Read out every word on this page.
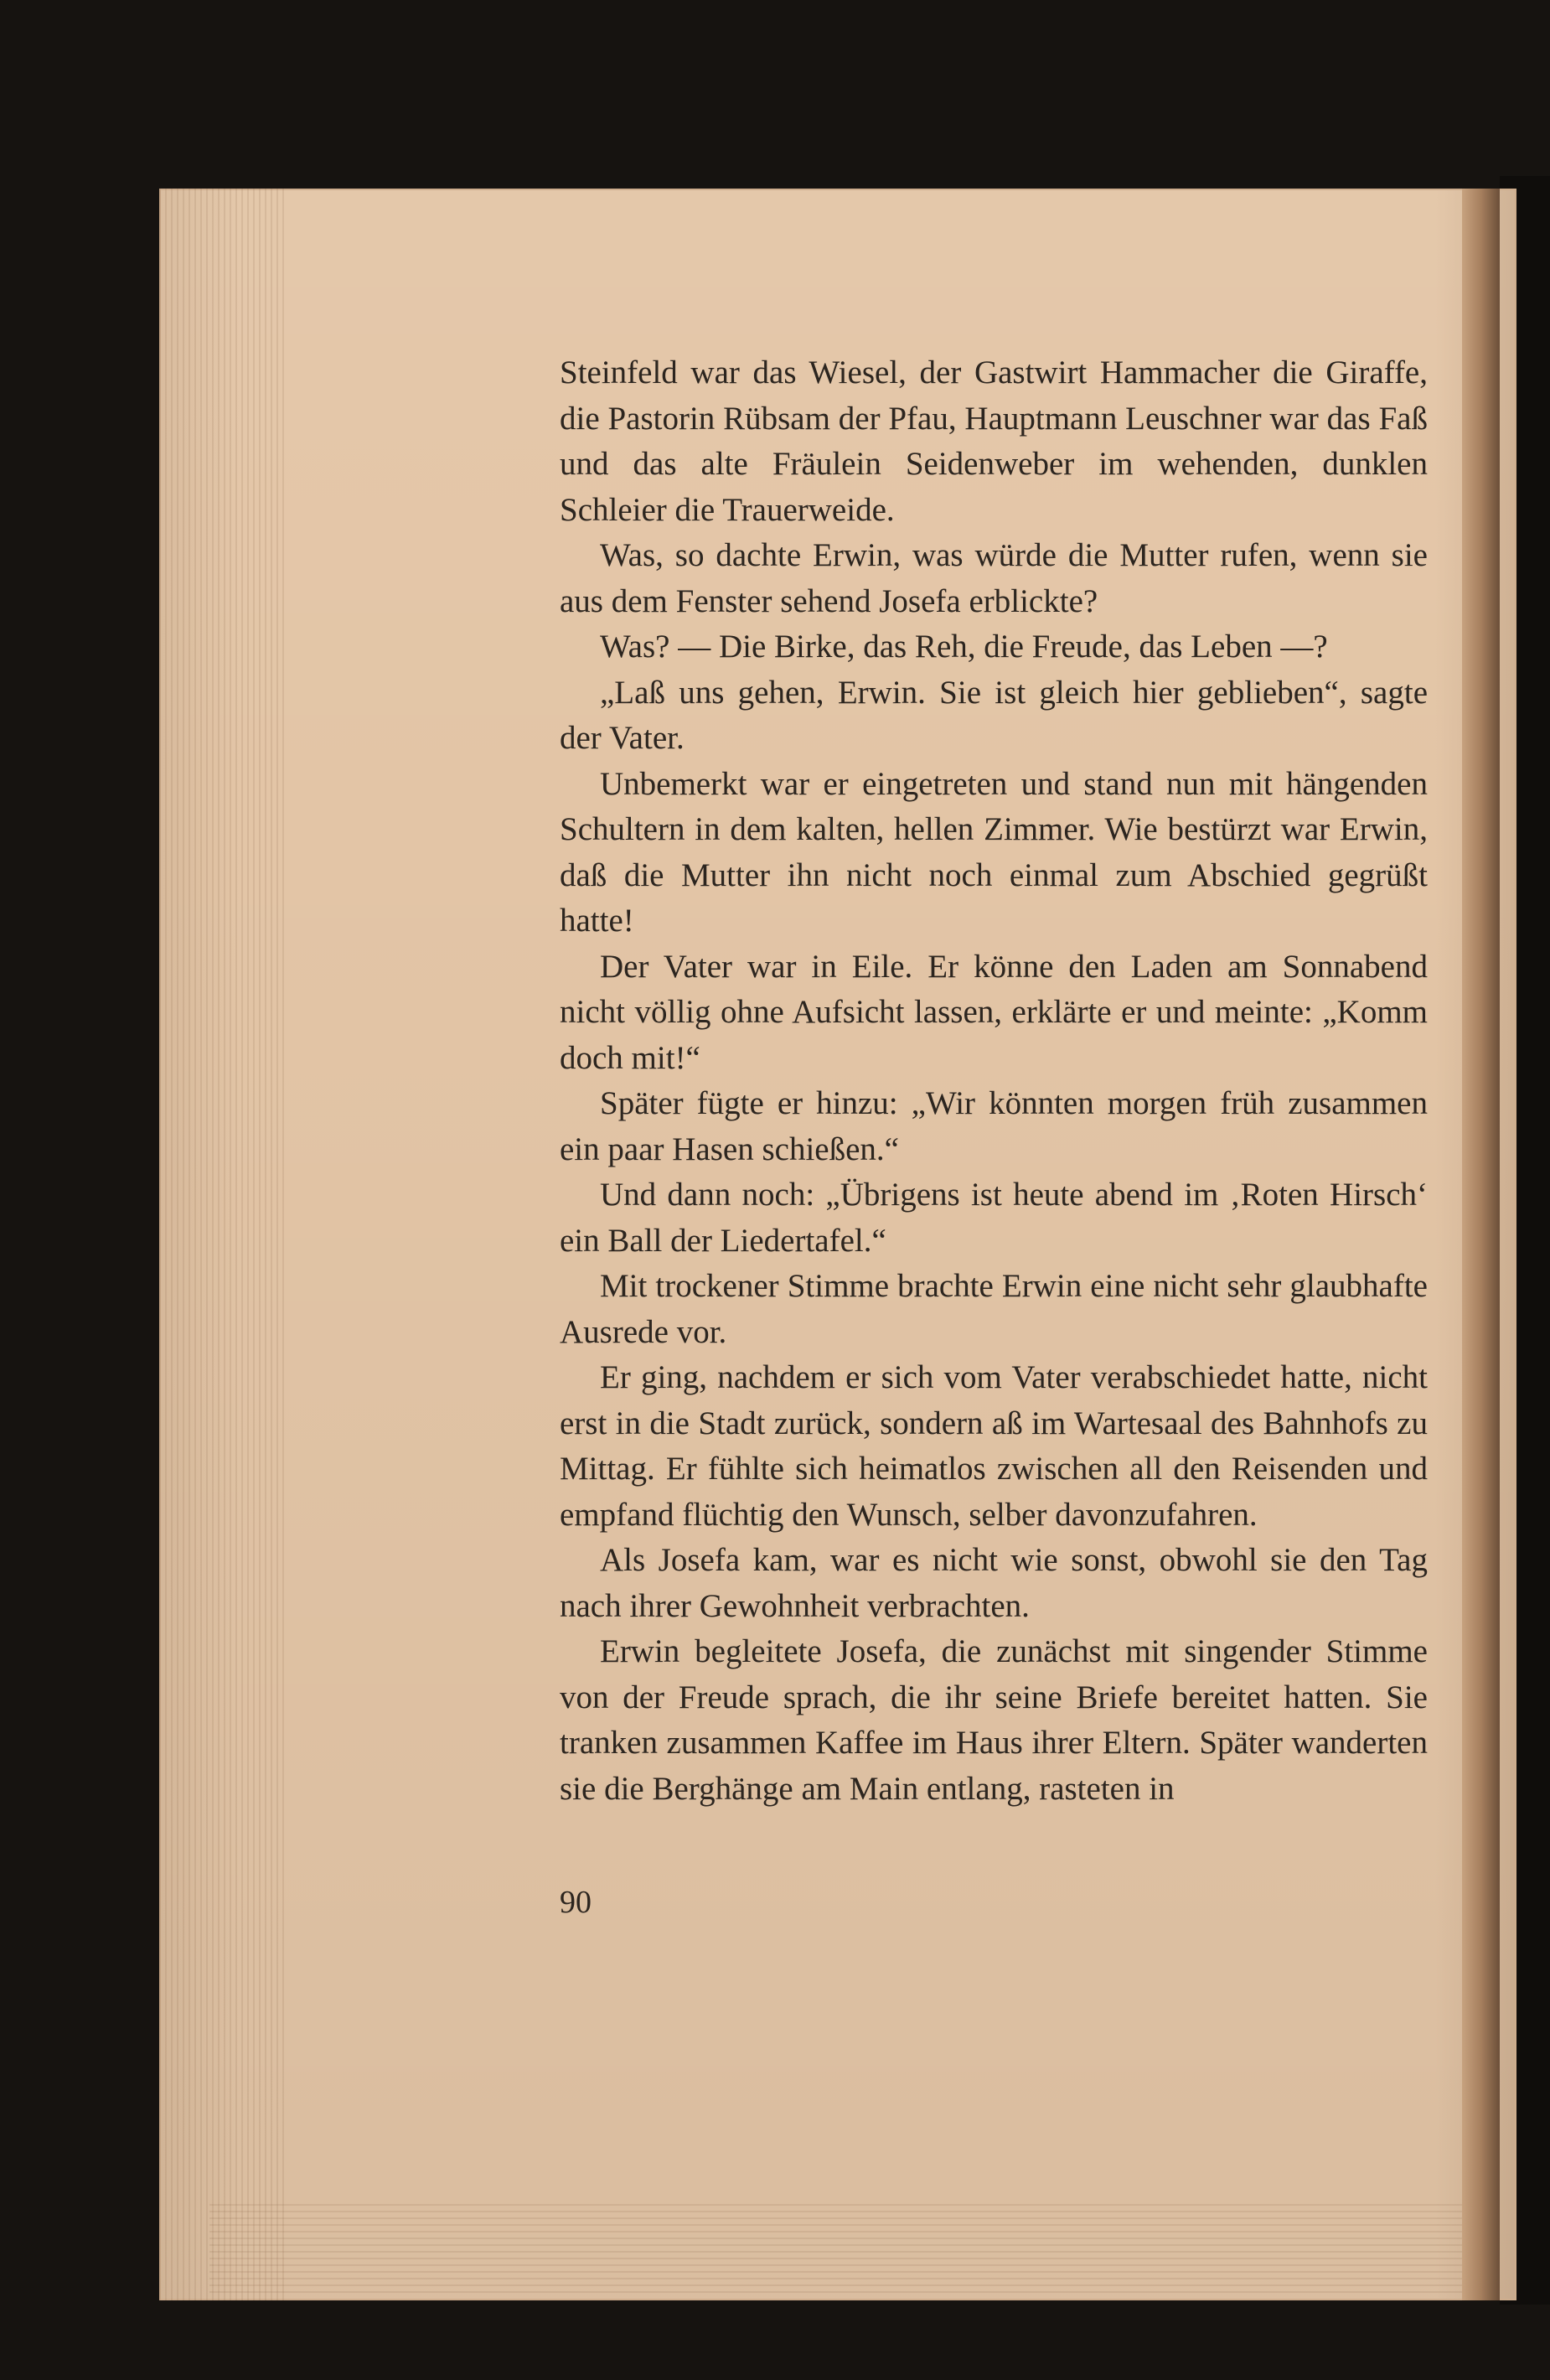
Steinfeld war das Wiesel, der Gastwirt Hammacher die Giraffe, die Pastorin Rübsam der Pfau, Hauptmann Leuschner war das Faß und das alte Fräulein Seidenweber im wehenden, dunklen Schleier die Trauerweide.

Was, so dachte Erwin, was würde die Mutter rufen, wenn sie aus dem Fenster sehend Josefa erblickte?

Was? — Die Birke, das Reh, die Freude, das Leben —?

„Laß uns gehen, Erwin. Sie ist gleich hier geblieben“, sagte der Vater.

Unbemerkt war er eingetreten und stand nun mit hängenden Schultern in dem kalten, hellen Zimmer. Wie bestürzt war Erwin, daß die Mutter ihn nicht noch einmal zum Abschied gegrüßt hatte!

Der Vater war in Eile. Er könne den Laden am Sonnabend nicht völlig ohne Aufsicht lassen, erklärte er und meinte: „Komm doch mit!“

Später fügte er hinzu: „Wir könnten morgen früh zusammen ein paar Hasen schießen.“

Und dann noch: „Übrigens ist heute abend im ‚Roten Hirsch‘ ein Ball der Liedertafel.“

Mit trockener Stimme brachte Erwin eine nicht sehr glaubhafte Ausrede vor.

Er ging, nachdem er sich vom Vater verabschiedet hatte, nicht erst in die Stadt zurück, sondern aß im Wartesaal des Bahnhofs zu Mittag. Er fühlte sich heimatlos zwischen all den Reisenden und empfand flüchtig den Wunsch, selber davonzufahren.

Als Josefa kam, war es nicht wie sonst, obwohl sie den Tag nach ihrer Gewohnheit verbrachten.

Erwin begleitete Josefa, die zunächst mit singender Stimme von der Freude sprach, die ihr seine Briefe bereitet hatten. Sie tranken zusammen Kaffee im Haus ihrer Eltern. Später wanderten sie die Berghänge am Main entlang, rasteten in

90
